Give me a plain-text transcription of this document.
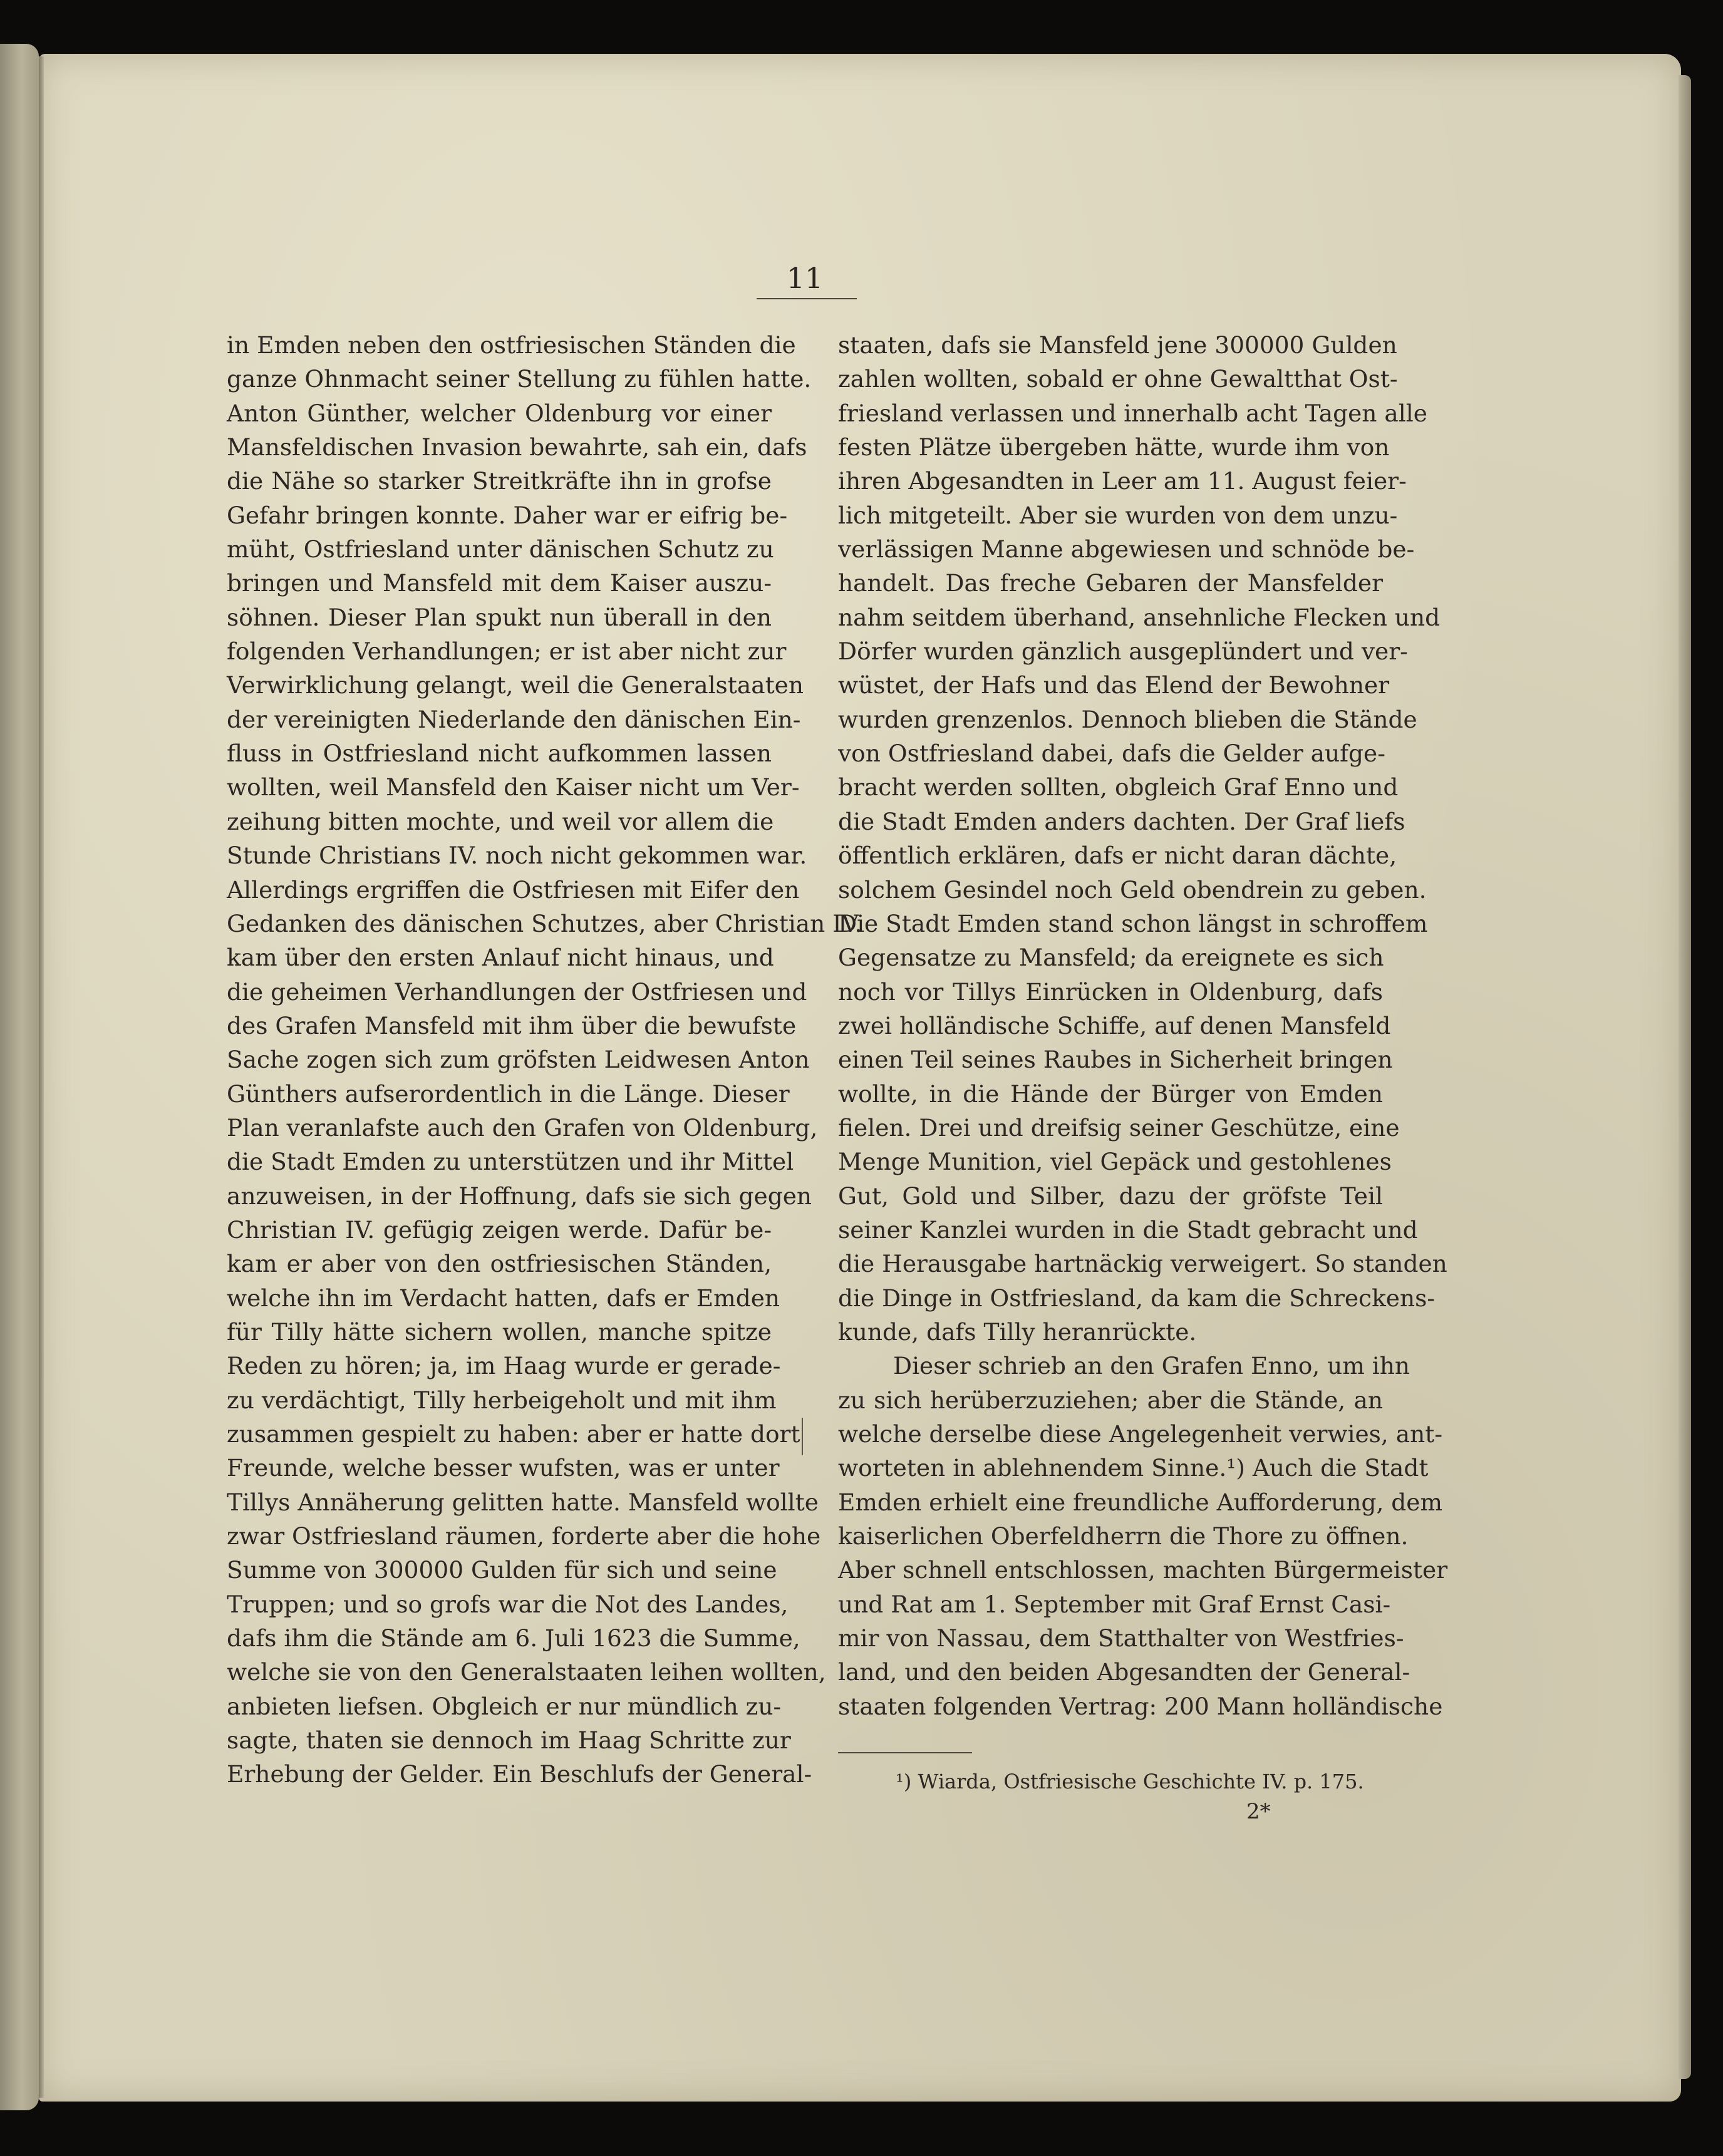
11
in Emden neben den ostfriesischen Ständen die
ganze Ohnmacht seiner Stellung zu fühlen hatte.
Anton Günther, welcher Oldenburg vor einer
Mansfeldischen Invasion bewahrte, sah ein, dafs
die Nähe so starker Streitkräfte ihn in grofse
Gefahr bringen konnte. Daher war er eifrig be-
müht, Ostfriesland unter dänischen Schutz zu
bringen und Mansfeld mit dem Kaiser auszu-
söhnen. Dieser Plan spukt nun überall in den
folgenden Verhandlungen; er ist aber nicht zur
Verwirklichung gelangt, weil die Generalstaaten
der vereinigten Niederlande den dänischen Ein-
fluss in Ostfriesland nicht aufkommen lassen
wollten, weil Mansfeld den Kaiser nicht um Ver-
zeihung bitten mochte, und weil vor allem die
Stunde Christians IV. noch nicht gekommen war.
Allerdings ergriffen die Ostfriesen mit Eifer den
Gedanken des dänischen Schutzes, aber Christian IV.
kam über den ersten Anlauf nicht hinaus, und
die geheimen Verhandlungen der Ostfriesen und
des Grafen Mansfeld mit ihm über die bewufste
Sache zogen sich zum gröfsten Leidwesen Anton
Günthers aufserordentlich in die Länge. Dieser
Plan veranlafste auch den Grafen von Oldenburg,
die Stadt Emden zu unterstützen und ihr Mittel
anzuweisen, in der Hoffnung, dafs sie sich gegen
Christian IV. gefügig zeigen werde. Dafür be-
kam er aber von den ostfriesischen Ständen,
welche ihn im Verdacht hatten, dafs er Emden
für Tilly hätte sichern wollen, manche spitze
Reden zu hören; ja, im Haag wurde er gerade-
zu verdächtigt, Tilly herbeigeholt und mit ihm
zusammen gespielt zu haben: aber er hatte dort
Freunde, welche besser wufsten, was er unter
Tillys Annäherung gelitten hatte. Mansfeld wollte
zwar Ostfriesland räumen, forderte aber die hohe
Summe von 300000 Gulden für sich und seine
Truppen; und so grofs war die Not des Landes,
dafs ihm die Stände am 6. Juli 1623 die Summe,
welche sie von den Generalstaaten leihen wollten,
anbieten liefsen. Obgleich er nur mündlich zu-
sagte, thaten sie dennoch im Haag Schritte zur
Erhebung der Gelder. Ein Beschlufs der General-
staaten, dafs sie Mansfeld jene 300000 Gulden
zahlen wollten, sobald er ohne Gewaltthat Ost-
friesland verlassen und innerhalb acht Tagen alle
festen Plätze übergeben hätte, wurde ihm von
ihren Abgesandten in Leer am 11. August feier-
lich mitgeteilt. Aber sie wurden von dem unzu-
verlässigen Manne abgewiesen und schnöde be-
handelt. Das freche Gebaren der Mansfelder
nahm seitdem überhand, ansehnliche Flecken und
Dörfer wurden gänzlich ausgeplündert und ver-
wüstet, der Hafs und das Elend der Bewohner
wurden grenzenlos. Dennoch blieben die Stände
von Ostfriesland dabei, dafs die Gelder aufge-
bracht werden sollten, obgleich Graf Enno und
die Stadt Emden anders dachten. Der Graf liefs
öffentlich erklären, dafs er nicht daran dächte,
solchem Gesindel noch Geld obendrein zu geben.
Die Stadt Emden stand schon längst in schroffem
Gegensatze zu Mansfeld; da ereignete es sich
noch vor Tillys Einrücken in Oldenburg, dafs
zwei holländische Schiffe, auf denen Mansfeld
einen Teil seines Raubes in Sicherheit bringen
wollte, in die Hände der Bürger von Emden
fielen. Drei und dreifsig seiner Geschütze, eine
Menge Munition, viel Gepäck und gestohlenes
Gut, Gold und Silber, dazu der gröfste Teil
seiner Kanzlei wurden in die Stadt gebracht und
die Herausgabe hartnäckig verweigert. So standen
die Dinge in Ostfriesland, da kam die Schreckens-
kunde, dafs Tilly heranrückte.
Dieser schrieb an den Grafen Enno, um ihn
zu sich herüberzuziehen; aber die Stände, an
welche derselbe diese Angelegenheit verwies, ant-
worteten in ablehnendem Sinne.¹) Auch die Stadt
Emden erhielt eine freundliche Aufforderung, dem
kaiserlichen Oberfeldherrn die Thore zu öffnen.
Aber schnell entschlossen, machten Bürgermeister
und Rat am 1. September mit Graf Ernst Casi-
mir von Nassau, dem Statthalter von Westfries-
land, und den beiden Abgesandten der General-
staaten folgenden Vertrag: 200 Mann holländische
¹) Wiarda, Ostfriesische Geschichte IV. p. 175.
2*
